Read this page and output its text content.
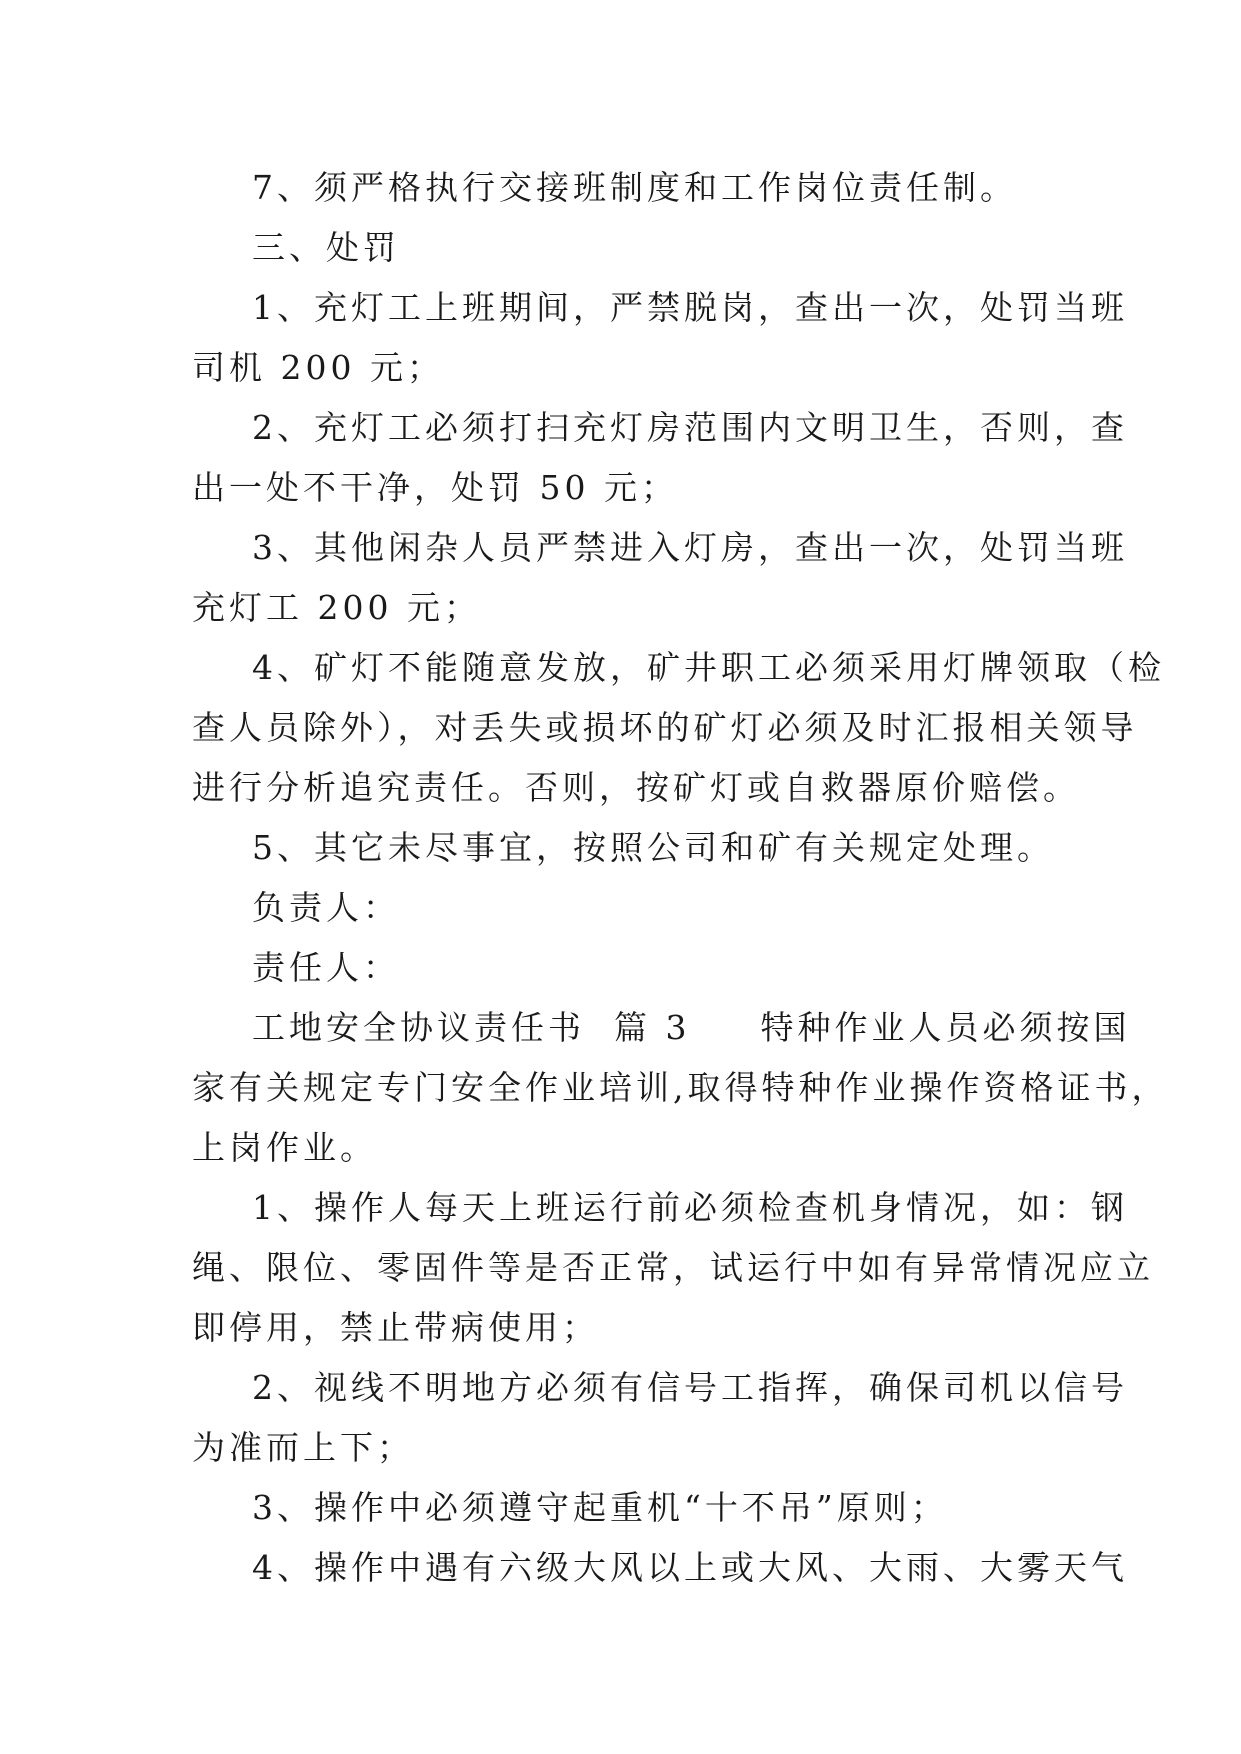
7、须严格执行交接班制度和工作岗位责任制。
三、处罚
1、充灯工上班期间，严禁脱岗，查出一次，处罚当班
司机 200 元；
2、充灯工必须打扫充灯房范围内文明卫生，否则，查
出一处不干净，处罚 50 元；
3、其他闲杂人员严禁进入灯房，查出一次，处罚当班
充灯工 200 元；
4、矿灯不能随意发放，矿井职工必须采用灯牌领取（检
查人员除外），对丢失或损坏的矿灯必须及时汇报相关领导
进行分析追究责任。否则，按矿灯或自救器原价赔偿。
5、其它未尽事宜，按照公司和矿有关规定处理。
负责人：
责任人：
工地安全协议责任书  篇 3 特种作业人员必须按国
家有关规定专门安全作业培训,取得特种作业操作资格证书，
上岗作业。
1、操作人每天上班运行前必须检查机身情况，如：钢
绳、限位、零固件等是否正常，试运行中如有异常情况应立
即停用，禁止带病使用；
2、视线不明地方必须有信号工指挥，确保司机以信号
为准而上下；
3、操作中必须遵守起重机“十不吊”原则；
4、操作中遇有六级大风以上或大风、大雨、大雾天气
